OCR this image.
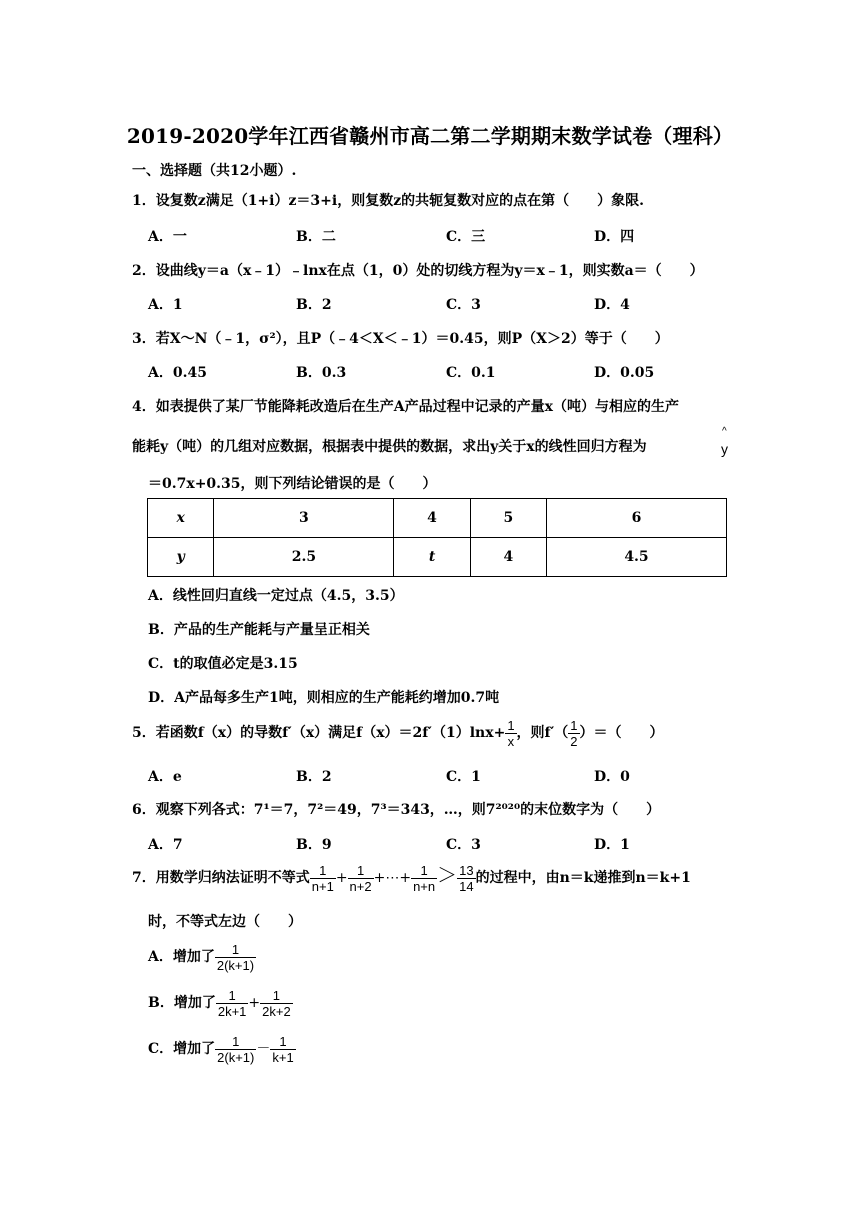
2019-2020学年江西省赣州市高二第二学期期末数学试卷（理科）
一、选择题（共12小题）.
1．设复数z满足（1+i）z＝3+i，则复数z的共轭复数对应的点在第（　　）象限.
A．一	B．二	C．三	D．四
2．设曲线y＝a（x﹣1）﹣lnx在点（1，0）处的切线方程为y＝x﹣1，则实数a＝（　　）
A．1	B．2	C．3	D．4
3．若X～N（﹣1，σ²），且P（﹣4＜X＜﹣1）＝0.45，则P（X＞2）等于（　　）
A．0.45	B．0.3	C．0.1	D．0.05
4．如表提供了某厂节能降耗改造后在生产A产品过程中记录的产量x（吨）与相应的生产
能耗y（吨）的几组对应数据，根据表中提供的数据，求出y关于x的线性回归方程为
^
y
＝0.7x+0.35，则下列结论错误的是（　　）
x	3	4	5	6
y	2.5	t	4	4.5
A．线性回归直线一定过点（4.5，3.5）
B．产品的生产能耗与产量呈正相关
C．t的取值必定是3.15
D．A产品每多生产1吨，则相应的生产能耗约增加0.7吨
5．若函数f（x）的导数f′（x）满足$f(x)=2f'(1)\ln x+ \frac{1}{x}$ ，则$f'( \frac{1}{2}$ ）＝（　　）
A．e	B．2	C．1	D．0
6．观察下列各式：7¹＝7，7²＝49，7³＝343，…，则7²⁰²⁰的末位数字为（　　）
A．7	B．9	C．3	D．1
7．用数学归纳法证明不等式 $\frac{1}{n+1} + \frac{1}{n+2}$ +⋯+ $\frac{1}{n+n} > \frac{13}{14}$ 的过程中，由n＝k递推到n＝k+1
时，不等式左边（　　）
A．增加了 $\frac{1}{2(k+1)}$
B．增加了 $\frac{1}{2k+1} + \frac{1}{2k+2}$
C．增加了 $\frac{1}{2(k+1)} - \frac{1}{k+1}$
